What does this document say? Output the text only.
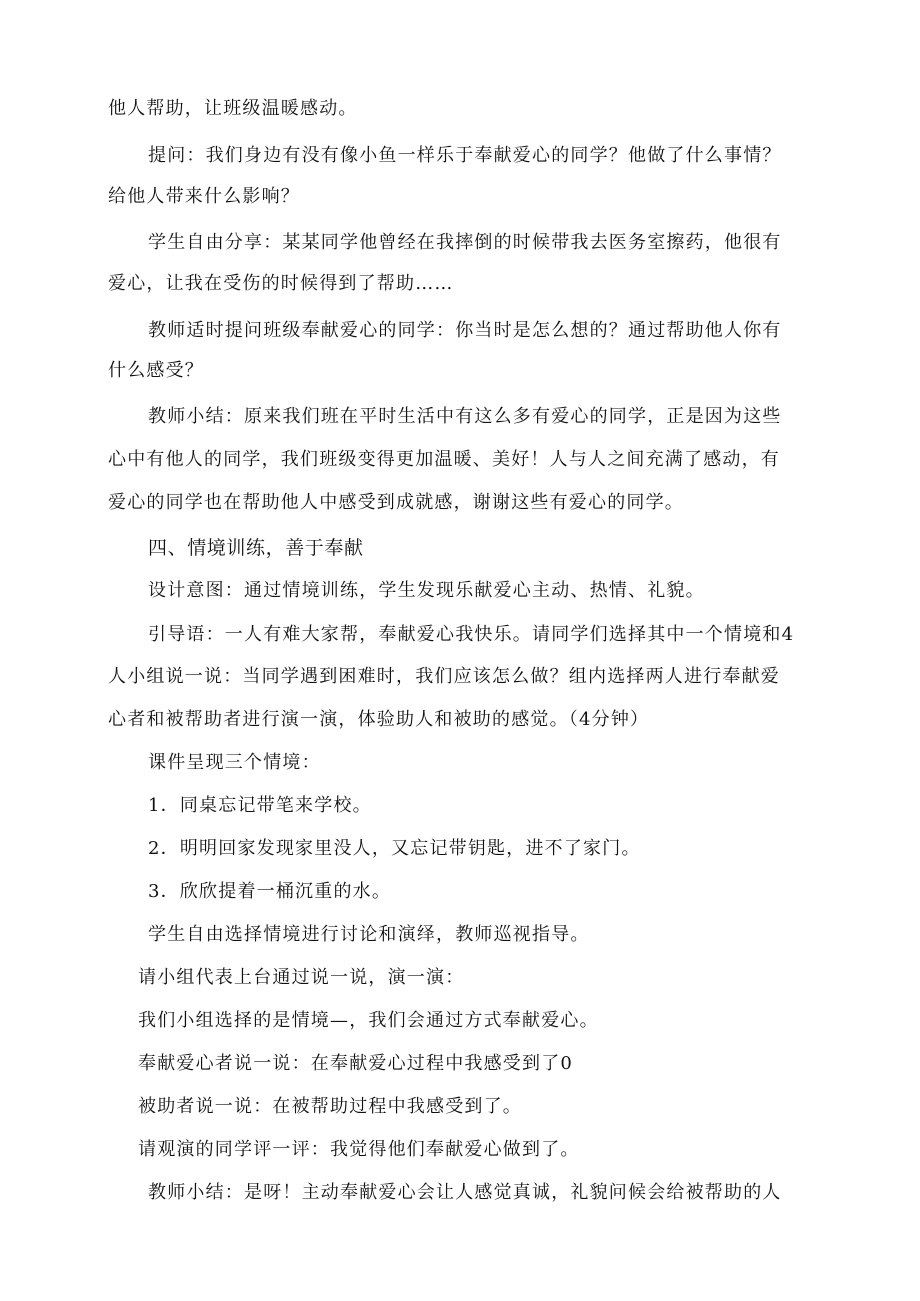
他人帮助，让班级温暖感动。
提问：我们身边有没有像小鱼一样乐于奉献爱心的同学？他做了什么事情？
给他人带来什么影响？
学生自由分享：某某同学他曾经在我摔倒的时候带我去医务室擦药，他很有
爱心，让我在受伤的时候得到了帮助……
教师适时提问班级奉献爱心的同学：你当时是怎么想的？通过帮助他人你有
什么感受？
教师小结：原来我们班在平时生活中有这么多有爱心的同学，正是因为这些
心中有他人的同学，我们班级变得更加温暖、美好！人与人之间充满了感动，有
爱心的同学也在帮助他人中感受到成就感，谢谢这些有爱心的同学。
四、情境训练，善于奉献
设计意图：通过情境训练，学生发现乐献爱心主动、热情、礼貌。
引导语：一人有难大家帮，奉献爱心我快乐。请同学们选择其中一个情境和4
人小组说一说：当同学遇到困难时，我们应该怎么做？组内选择两人进行奉献爱
心者和被帮助者进行演一演，体验助人和被助的感觉。（4分钟）
课件呈现三个情境：
1．同桌忘记带笔来学校。
2．明明回家发现家里没人，又忘记带钥匙，进不了家门。
3．欣欣提着一桶沉重的水。
学生自由选择情境进行讨论和演绎，教师巡视指导。
请小组代表上台通过说一说，演一演：
我们小组选择的是情境—，我们会通过方式奉献爱心。
奉献爱心者说一说：在奉献爱心过程中我感受到了0
被助者说一说：在被帮助过程中我感受到了。
请观演的同学评一评：我觉得他们奉献爱心做到了。
教师小结：是呀！主动奉献爱心会让人感觉真诚，礼貌问候会给被帮助的人
